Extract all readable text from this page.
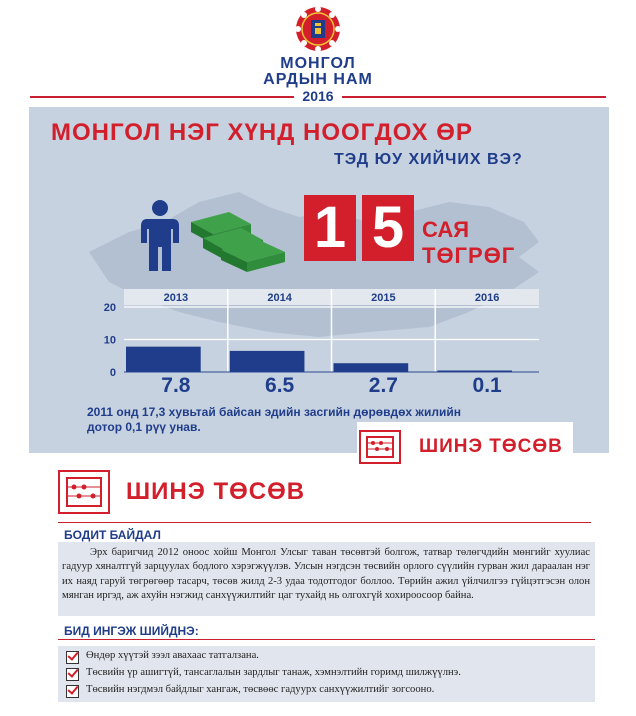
МОНГОЛ
АРДЫН НАМ
2016
МОНГОЛ НЭГ ХҮНД НООГДОХ ӨР
ТЭД ЮУ ХИЙЧИХ ВЭ?
1 5 САЯ
ТӨГРӨГ
0
10
20
2013
7.8
2014
6.5
2015
2.7
2016
0.1
2011 онд 17,3 хувьтай байсан эдийн засгийн дөрөвдөх жилийн дотор 0,1 рүү унав.
ШИНЭ ТӨСӨВ
ШИНЭ ТӨСӨВ
БОДИТ БАЙДАЛ
Эрх баригчид 2012 оноос хойш Монгол Улсыг таван төсөвтэй болгож, татвар төлөгчдийн мөнгийг хуулиас гадуур хяналтгүй зарцуулах бодлого хэрэгжүүлэв. Улсын нэгдсэн төсвийн орлого сүүлийн гурван жил дараалан нэг их наяд гаруй төгрөгөөр тасарч, төсөв жилд 2-3 удаа тодотгодог боллоо. Төрийн ажил үйлчилгээ гүйцэтгэсэн олон мянган иргэд, аж ахуйн нэгжид санхүүжилтийг цаг тухайд нь олгохгүй хохироосоор байна.
БИД ИНГЭЖ ШИЙДНЭ:
Өндөр хүүтэй зээл авахаас татгалзана.
Төсвийн үр ашигтүй, тансаглалын зардлыг танаж, хэмнэлтийн горимд шилжүүлнэ.
Төсвийн нэгдмэл байдлыг хангаж, төсвөөс гадуурх санхүүжилтийг зогсооно.
